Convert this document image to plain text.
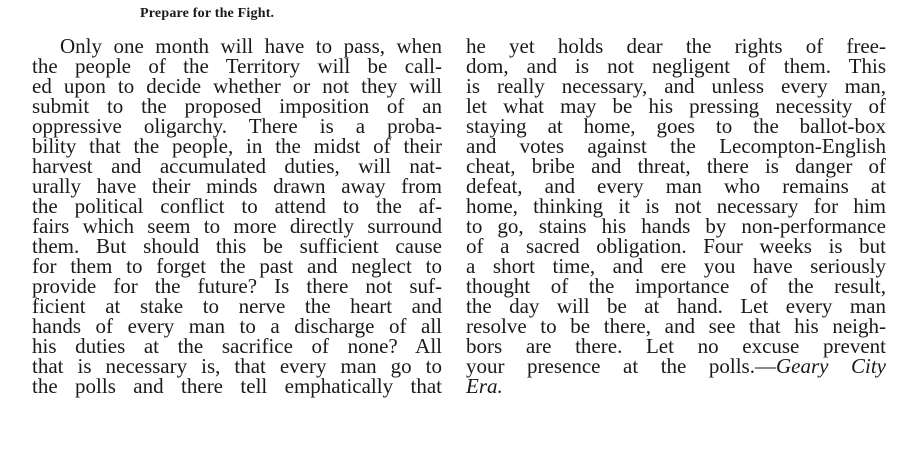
Prepare for the Fight.
Only one month will have to pass, when
the people of the Territory will be call-
ed upon to decide whether or not they will
submit to the proposed imposition of an
oppressive oligarchy. There is a proba-
bility that the people, in the midst of their
harvest and accumulated duties, will nat-
urally have their minds drawn away from
the political conflict to attend to the af-
fairs which seem to more directly surround
them. But should this be sufficient cause
for them to forget the past and neglect to
provide for the future? Is there not suf-
ficient at stake to nerve the heart and
hands of every man to a discharge of all
his duties at the sacrifice of none? All
that is necessary is, that every man go to
the polls and there tell emphatically that
he yet holds dear the rights of free-
dom, and is not negligent of them. This
is really necessary, and unless every man,
let what may be his pressing necessity of
staying at home, goes to the ballot-box
and votes against the Lecompton-English
cheat, bribe and threat, there is danger of
defeat, and every man who remains at
home, thinking it is not necessary for him
to go, stains his hands by non-performance
of a sacred obligation. Four weeks is but
a short time, and ere you have seriously
thought of the importance of the result,
the day will be at hand. Let every man
resolve to be there, and see that his neigh-
bors are there. Let no excuse prevent
your presence at the polls.—Geary City
Era.
